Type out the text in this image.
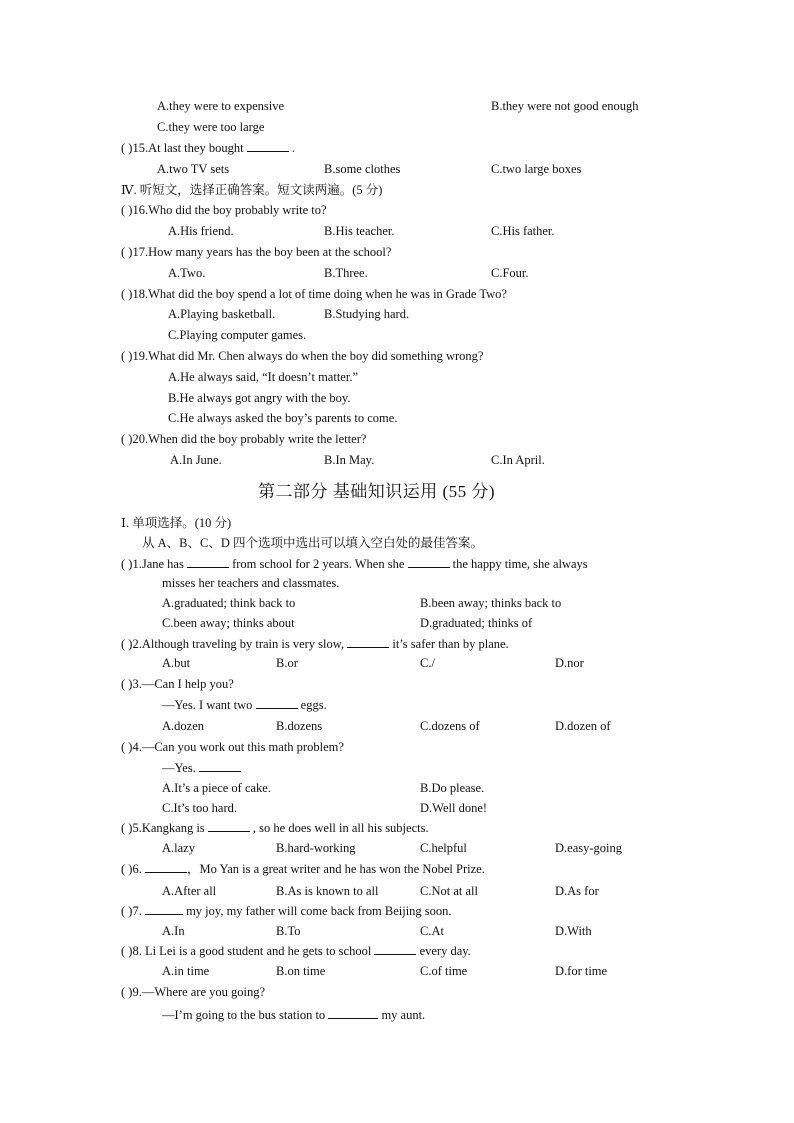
A.they were to expensive	B.they were not good enough
C.they were too large
( )15.At last they bought	.
A.two TV sets	B.some clothes	C.two large boxes
Ⅳ. 听短文，选择正确答案。短文读两遍。(5 分)
( )16.Who did the boy probably write to?
A.His friend.	B.His teacher.	C.His father.
( )17.How many years has the boy been at the school?
A.Two.	B.Three.	C.Four.
( )18.What did the boy spend a lot of time doing when he was in Grade Two?
A.Playing basketball.	B.Studying hard.
C.Playing computer games.
( )19.What did Mr. Chen always do when the boy did something wrong?
A.He always said, “It doesn’t matter.”
B.He always got angry with the boy.
C.He always asked the boy’s parents to come.
( )20.When did the boy probably write the letter?
A.In June.	B.In May.	C.In April.
第二部分 基础知识运用 (55 分)
Ⅰ. 单项选择。(10 分)
从 A、B、C、D 四个选项中选出可以填入空白处的最佳答案。
( )1.Jane has	from school for 2 years. When she	the happy time, she always
misses her teachers and classmates.
A.graduated; think back to	B.been away; thinks back to
C.been away; thinks about	D.graduated; thinks of
( )2.Although traveling by train is very slow,	it’s safer than by plane.
A.but	B.or	C./	D.nor
( )3.—Can I help you?
—Yes. I want two	eggs.
A.dozen	B.dozens	C.dozens of	D.dozen of
( )4.—Can you work out this math problem?
—Yes.
A.It’s a piece of cake.	B.Do please.
C.It’s too hard.	D.Well done!
( )5.Kangkang is	, so he does well in all his subjects.
A.lazy	B.hard-working	C.helpful	D.easy-going
( )6.	，Mo Yan is a great writer and he has won the Nobel Prize.
A.After all	B.As is known to all	C.Not at all	D.As for
( )7.	my joy, my father will come back from Beijing soon.
A.In	B.To	C.At	D.With
( )8. Li Lei is a good student and he gets to school	every day.
A.in time	B.on time	C.of time	D.for time
( )9.—Where are you going?
—I’m going to the bus station to	my aunt.
